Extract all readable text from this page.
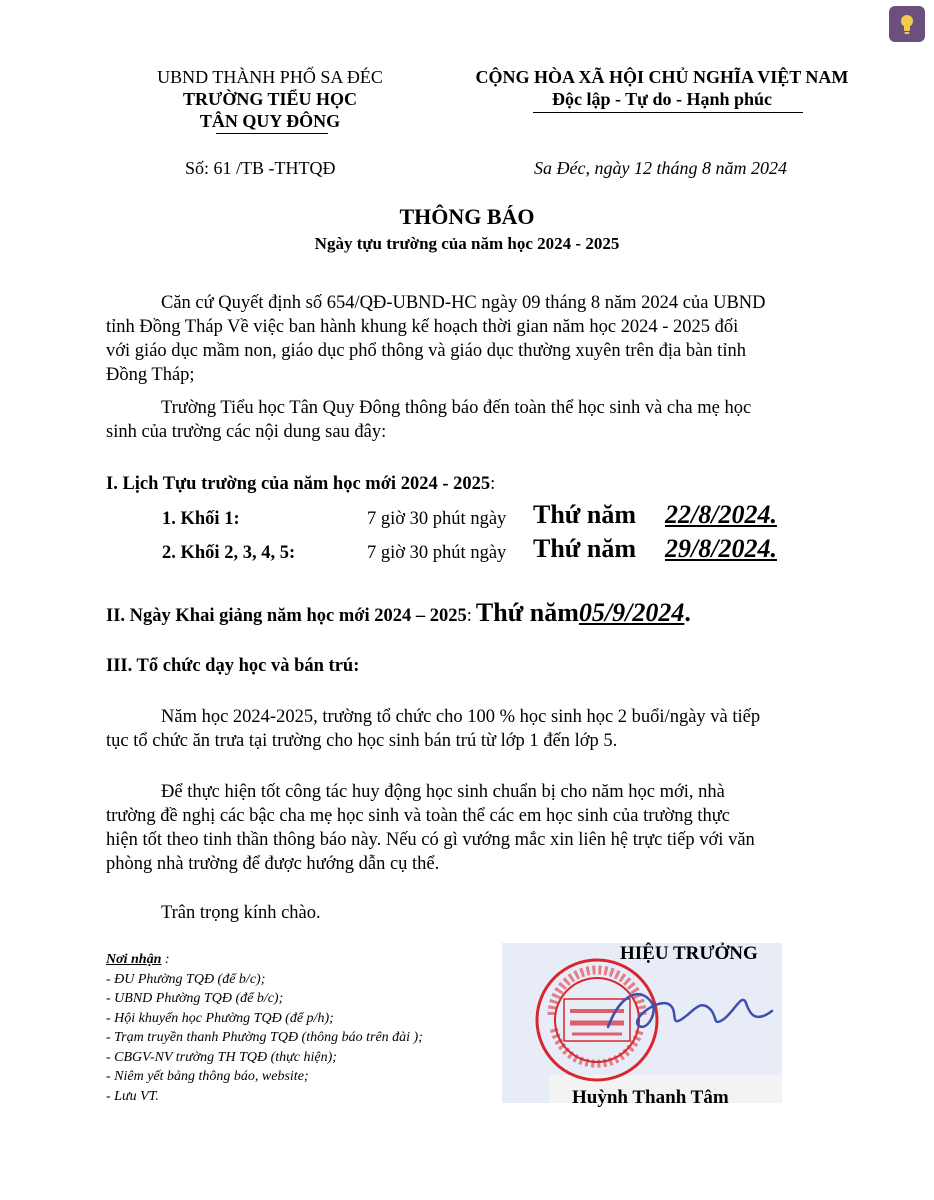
UBND THÀNH PHỐ SA ĐÉC
TRƯỜNG TIỂU HỌC
TÂN QUY ĐÔNG
CỘNG HÒA XÃ HỘI CHỦ NGHĨA VIỆT NAM
Độc lập - Tự do - Hạnh phúc
Số: 61 /TB -THTQĐ	Sa Đéc, ngày 12 tháng 8 năm 2024
THÔNG BÁO
Ngày tựu trường của năm học 2024 - 2025
Căn cứ Quyết định số 654/QĐ-UBND-HC ngày 09 tháng 8 năm 2024 của UBND
tỉnh Đồng Tháp Về việc ban hành khung kế hoạch thời gian năm học 2024 - 2025 đối
với giáo dục mầm non, giáo dục phổ thông và giáo dục thường xuyên trên địa bàn tỉnh
Đồng Tháp;
Trường Tiểu học Tân Quy Đông thông báo đến toàn thể học sinh và cha mẹ học
sinh của trường các nội dung sau đây:
I. Lịch Tựu trường của năm học mới 2024 - 2025:
1. Khối 1:	7 giờ 30 phút ngày Thứ năm 22/8/2024.
2. Khối 2, 3, 4, 5:	7 giờ 30 phút ngày Thứ năm 29/8/2024.
II. Ngày Khai giảng năm học mới 2024 – 2025: Thứ năm05/9/2024.
III. Tổ chức dạy học và bán trú:
Năm học 2024-2025, trường tổ chức cho 100 % học sinh học 2 buổi/ngày và tiếp
tục tổ chức ăn trưa tại trường cho học sinh bán trú từ lớp 1 đến lớp 5.
Để thực hiện tốt công tác huy động học sinh chuẩn bị cho năm học mới, nhà
trường đề nghị các bậc cha mẹ học sinh và toàn thể các em học sinh của trường thực
hiện tốt theo tinh thần thông báo này. Nếu có gì vướng mắc xin liên hệ trực tiếp với văn
phòng nhà trường để được hướng dẫn cụ thể.
Trân trọng kính chào.
Nơi nhận :
- ĐU Phường TQĐ (để b/c);
- UBND Phường TQĐ (để b/c);
- Hội khuyến học Phường TQĐ (để p/h);
- Trạm truyền thanh Phường TQĐ (thông báo trên đài );
- CBGV-NV trường TH TQĐ (thực hiện);
- Niêm yết bảng thông báo, website;
- Lưu VT.
HIỆU TRƯỞNG
Huỳnh Thanh Tâm
